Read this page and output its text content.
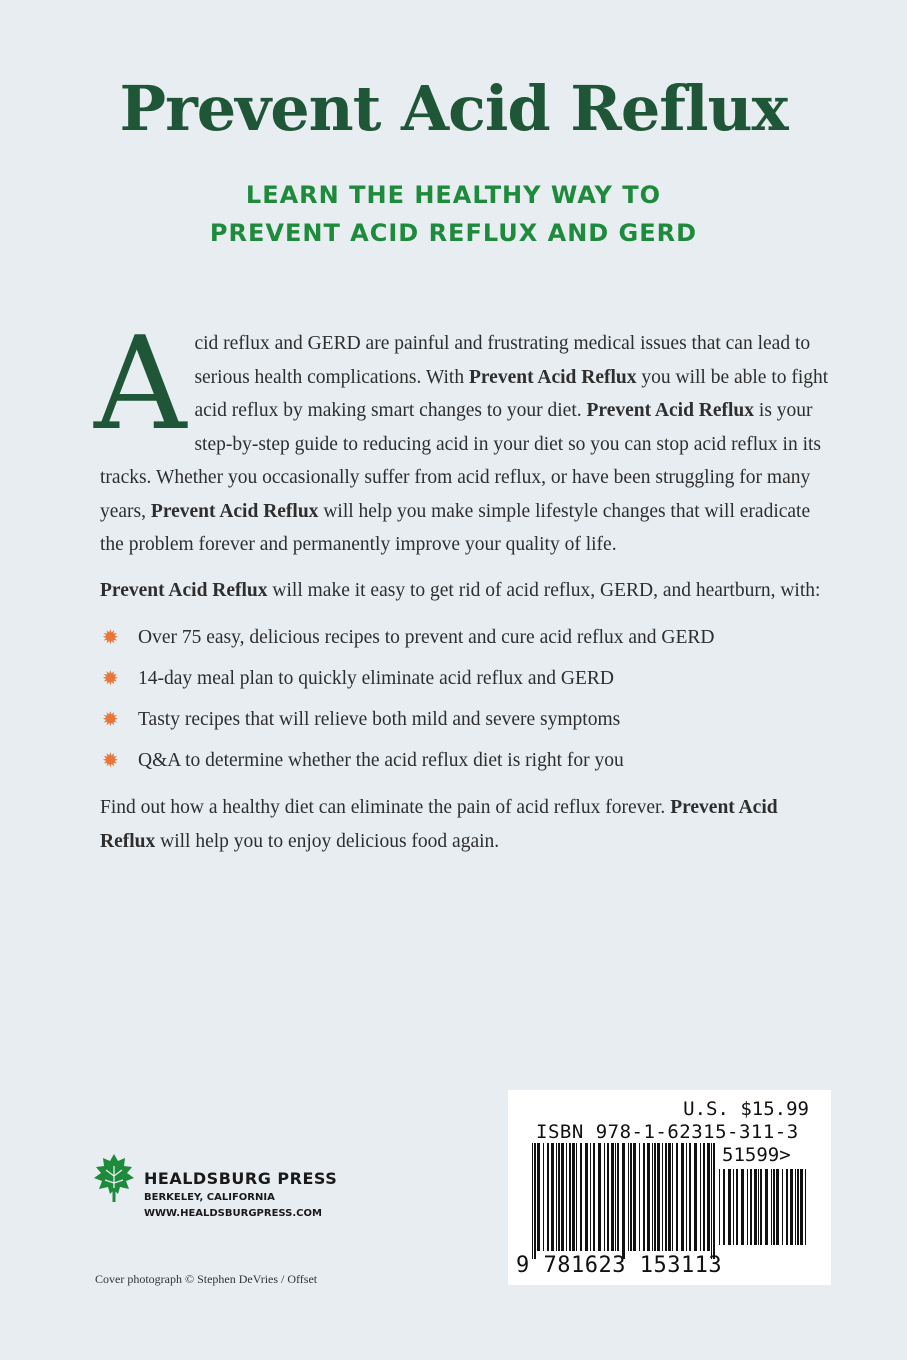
Prevent Acid Reflux
LEARN THE HEALTHY WAY TO
PREVENT ACID REFLUX AND GERD

Acid reflux and GERD are painful and frustrating medical issues that can lead to serious health complications. With Prevent Acid Reflux you will be able to fight acid reflux by making smart changes to your diet. Prevent Acid Reflux is your step-by-step guide to reducing acid in your diet so you can stop acid reflux in its tracks. Whether you occasionally suffer from acid reflux, or have been struggling for many years, Prevent Acid Reflux will help you make simple lifestyle changes that will eradicate the problem forever and permanently improve your quality of life.

Prevent Acid Reflux will make it easy to get rid of acid reflux, GERD, and heartburn, with:

✹ Over 75 easy, delicious recipes to prevent and cure acid reflux and GERD
✹ 14-day meal plan to quickly eliminate acid reflux and GERD
✹ Tasty recipes that will relieve both mild and severe symptoms
✹ Q&A to determine whether the acid reflux diet is right for you

Find out how a healthy diet can eliminate the pain of acid reflux forever. Prevent Acid Reflux will help you to enjoy delicious food again.

HEALDSBURG PRESS
BERKELEY, CALIFORNIA
WWW.HEALDSBURGPRESS.COM
Cover photograph © Stephen DeVries / Offset
U.S. $15.99
ISBN 978-1-62315-311-3
51599>
9 781623 153113
